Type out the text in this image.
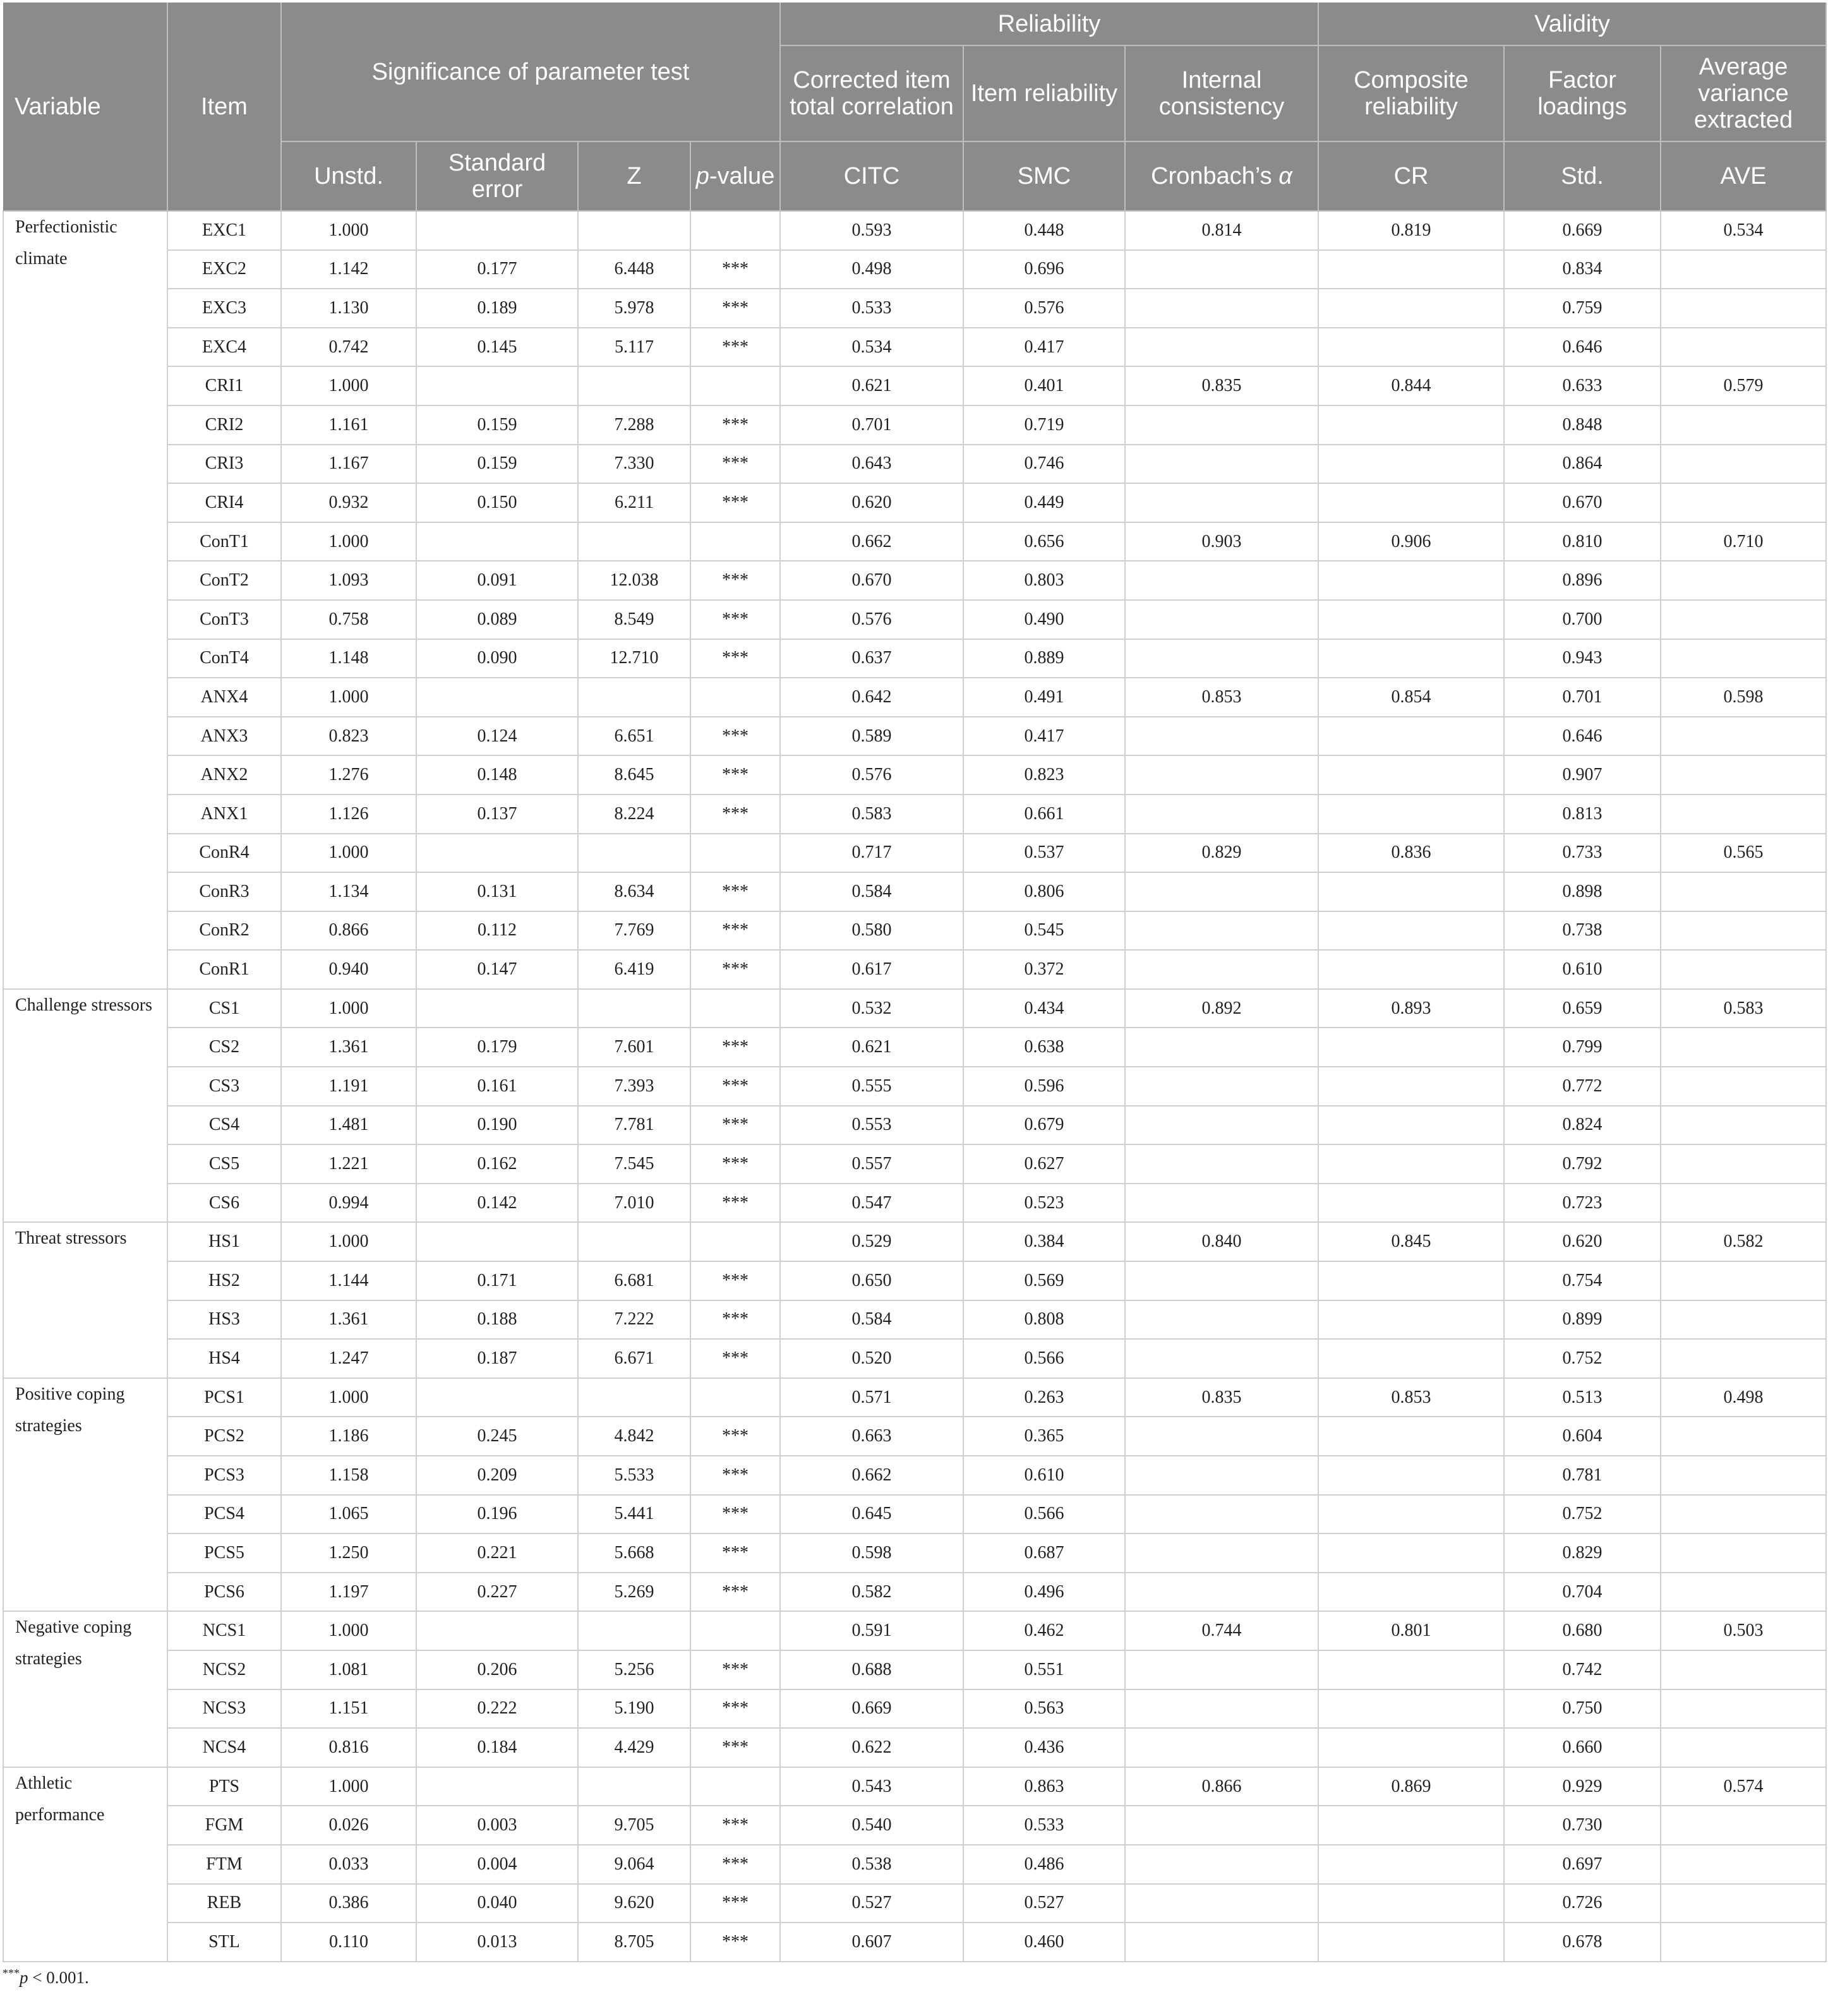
Variable	Item	Significance of parameter test				Reliability			Validity		
						Corrected item total correlation	Item reliability	Internal consistency	Composite reliability	Factor loadings	Average variance extracted
		Unstd.	Standard error	Z	p-value	CITC	SMC	Cronbach’s α	CR	Std.	AVE
Perfectionistic climate	EXC1	1.000				0.593	0.448	0.814	0.819	0.669	0.534
	EXC2	1.142	0.177	6.448	***	0.498	0.696			0.834	
	EXC3	1.130	0.189	5.978	***	0.533	0.576			0.759	
	EXC4	0.742	0.145	5.117	***	0.534	0.417			0.646	
	CRI1	1.000				0.621	0.401	0.835	0.844	0.633	0.579
	CRI2	1.161	0.159	7.288	***	0.701	0.719			0.848	
	CRI3	1.167	0.159	7.330	***	0.643	0.746			0.864	
	CRI4	0.932	0.150	6.211	***	0.620	0.449			0.670	
	ConT1	1.000				0.662	0.656	0.903	0.906	0.810	0.710
	ConT2	1.093	0.091	12.038	***	0.670	0.803			0.896	
	ConT3	0.758	0.089	8.549	***	0.576	0.490			0.700	
	ConT4	1.148	0.090	12.710	***	0.637	0.889			0.943	
	ANX4	1.000				0.642	0.491	0.853	0.854	0.701	0.598
	ANX3	0.823	0.124	6.651	***	0.589	0.417			0.646	
	ANX2	1.276	0.148	8.645	***	0.576	0.823			0.907	
	ANX1	1.126	0.137	8.224	***	0.583	0.661			0.813	
	ConR4	1.000				0.717	0.537	0.829	0.836	0.733	0.565
	ConR3	1.134	0.131	8.634	***	0.584	0.806			0.898	
	ConR2	0.866	0.112	7.769	***	0.580	0.545			0.738	
	ConR1	0.940	0.147	6.419	***	0.617	0.372			0.610	
Challenge stressors	CS1	1.000				0.532	0.434	0.892	0.893	0.659	0.583
	CS2	1.361	0.179	7.601	***	0.621	0.638			0.799	
	CS3	1.191	0.161	7.393	***	0.555	0.596			0.772	
	CS4	1.481	0.190	7.781	***	0.553	0.679			0.824	
	CS5	1.221	0.162	7.545	***	0.557	0.627			0.792	
	CS6	0.994	0.142	7.010	***	0.547	0.523			0.723	
Threat stressors	HS1	1.000				0.529	0.384	0.840	0.845	0.620	0.582
	HS2	1.144	0.171	6.681	***	0.650	0.569			0.754	
	HS3	1.361	0.188	7.222	***	0.584	0.808			0.899	
	HS4	1.247	0.187	6.671	***	0.520	0.566			0.752	
Positive coping strategies	PCS1	1.000				0.571	0.263	0.835	0.853	0.513	0.498
	PCS2	1.186	0.245	4.842	***	0.663	0.365			0.604	
	PCS3	1.158	0.209	5.533	***	0.662	0.610			0.781	
	PCS4	1.065	0.196	5.441	***	0.645	0.566			0.752	
	PCS5	1.250	0.221	5.668	***	0.598	0.687			0.829	
	PCS6	1.197	0.227	5.269	***	0.582	0.496			0.704	
Negative coping strategies	NCS1	1.000				0.591	0.462	0.744	0.801	0.680	0.503
	NCS2	1.081	0.206	5.256	***	0.688	0.551			0.742	
	NCS3	1.151	0.222	5.190	***	0.669	0.563			0.750	
	NCS4	0.816	0.184	4.429	***	0.622	0.436			0.660	
Athletic performance	PTS	1.000				0.543	0.863	0.866	0.869	0.929	0.574
	FGM	0.026	0.003	9.705	***	0.540	0.533			0.730	
	FTM	0.033	0.004	9.064	***	0.538	0.486			0.697	
	REB	0.386	0.040	9.620	***	0.527	0.527			0.726	
	STL	0.110	0.013	8.705	***	0.607	0.460			0.678	
***p < 0.001.
